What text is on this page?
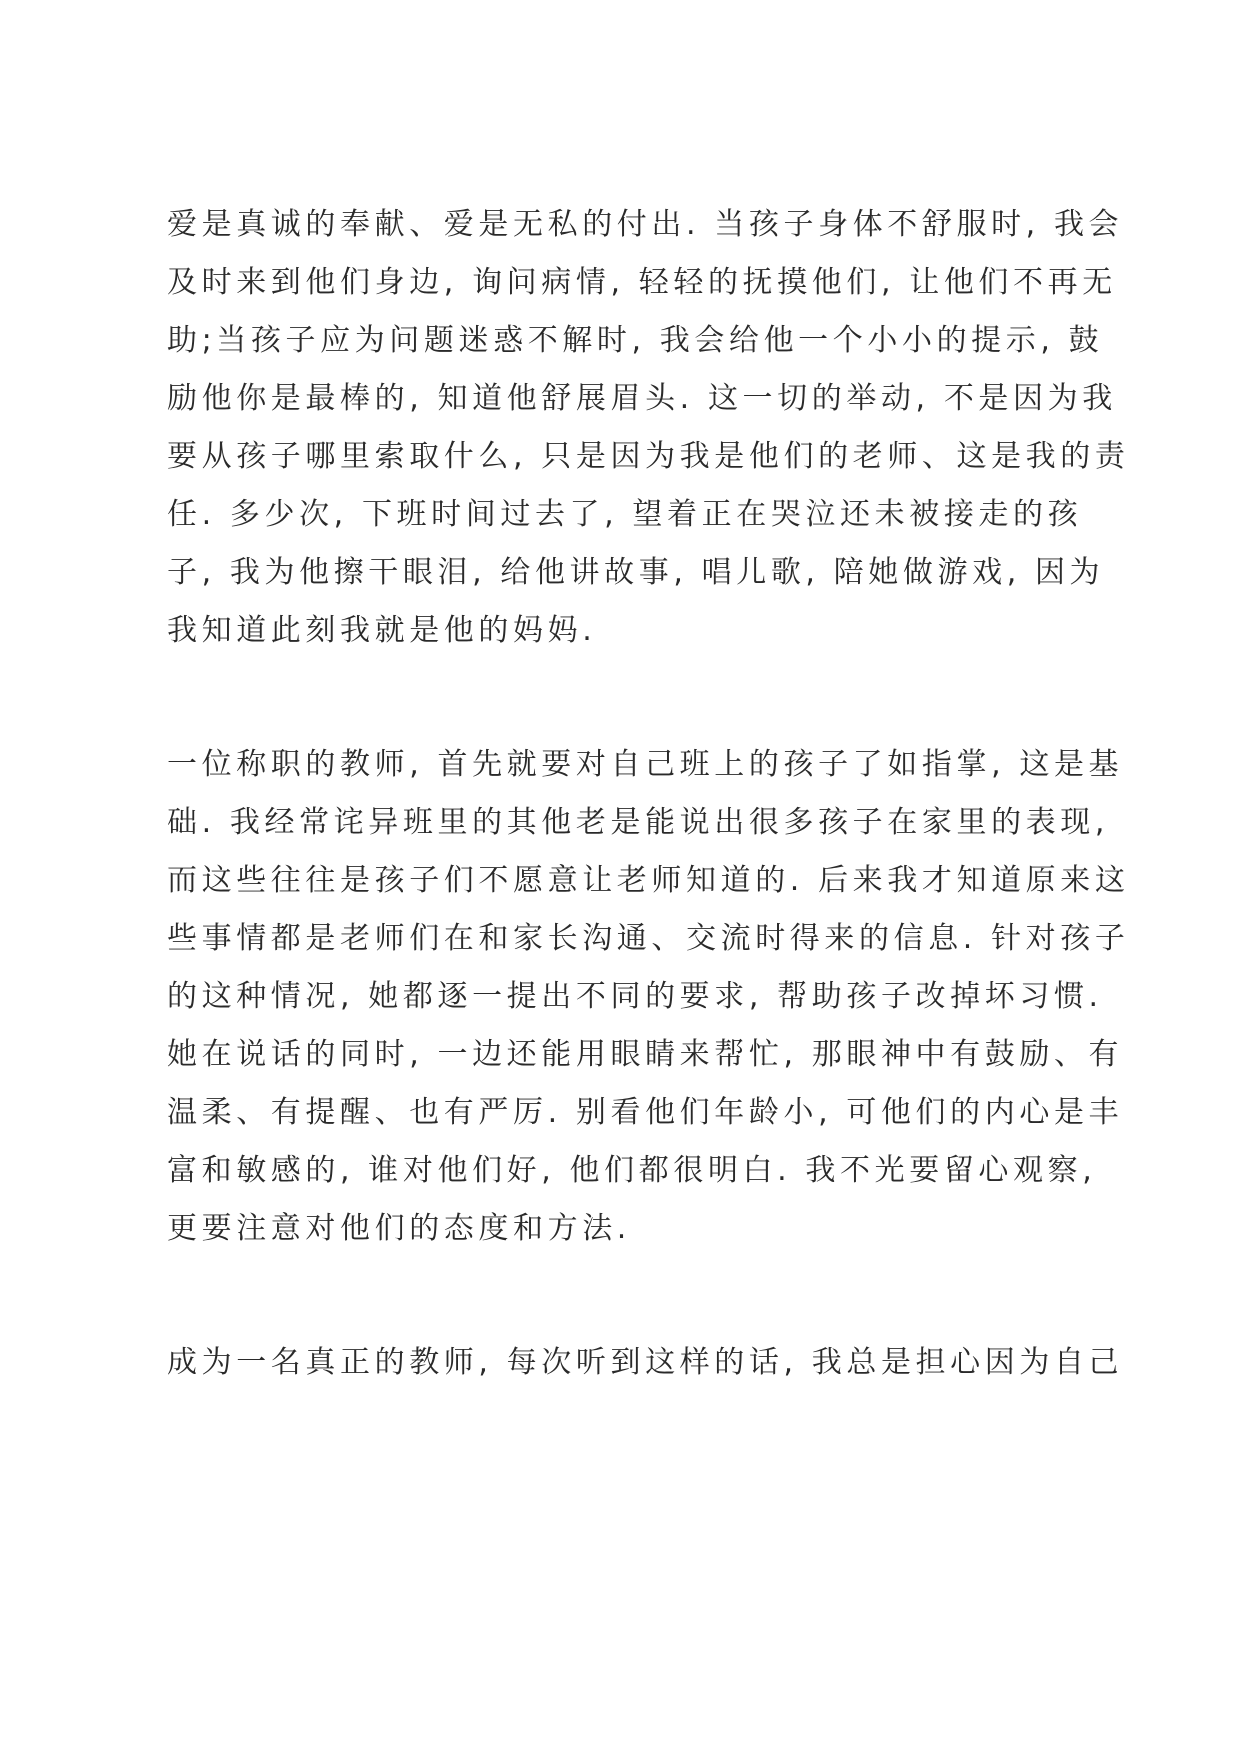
爱是真诚的奉献、爱是无私的付出. 当孩子身体不舒服时, 我会
及时来到他们身边, 询问病情, 轻轻的抚摸他们, 让他们不再无
助;当孩子应为问题迷惑不解时, 我会给他一个小小的提示, 鼓
励他你是最棒的, 知道他舒展眉头. 这一切的举动, 不是因为我
要从孩子哪里索取什么, 只是因为我是他们的老师、这是我的责
任. 多少次, 下班时间过去了, 望着正在哭泣还未被接走的孩
子, 我为他擦干眼泪, 给他讲故事, 唱儿歌, 陪她做游戏, 因为
我知道此刻我就是他的妈妈.
一位称职的教师, 首先就要对自己班上的孩子了如指掌, 这是基
础. 我经常诧异班里的其他老是能说出很多孩子在家里的表现,
而这些往往是孩子们不愿意让老师知道的. 后来我才知道原来这
些事情都是老师们在和家长沟通、交流时得来的信息. 针对孩子
的这种情况, 她都逐一提出不同的要求, 帮助孩子改掉坏习惯.
她在说话的同时, 一边还能用眼睛来帮忙, 那眼神中有鼓励、有
温柔、有提醒、也有严厉. 别看他们年龄小, 可他们的内心是丰
富和敏感的, 谁对他们好, 他们都很明白. 我不光要留心观察,
更要注意对他们的态度和方法.
成为一名真正的教师, 每次听到这样的话, 我总是担心因为自己
